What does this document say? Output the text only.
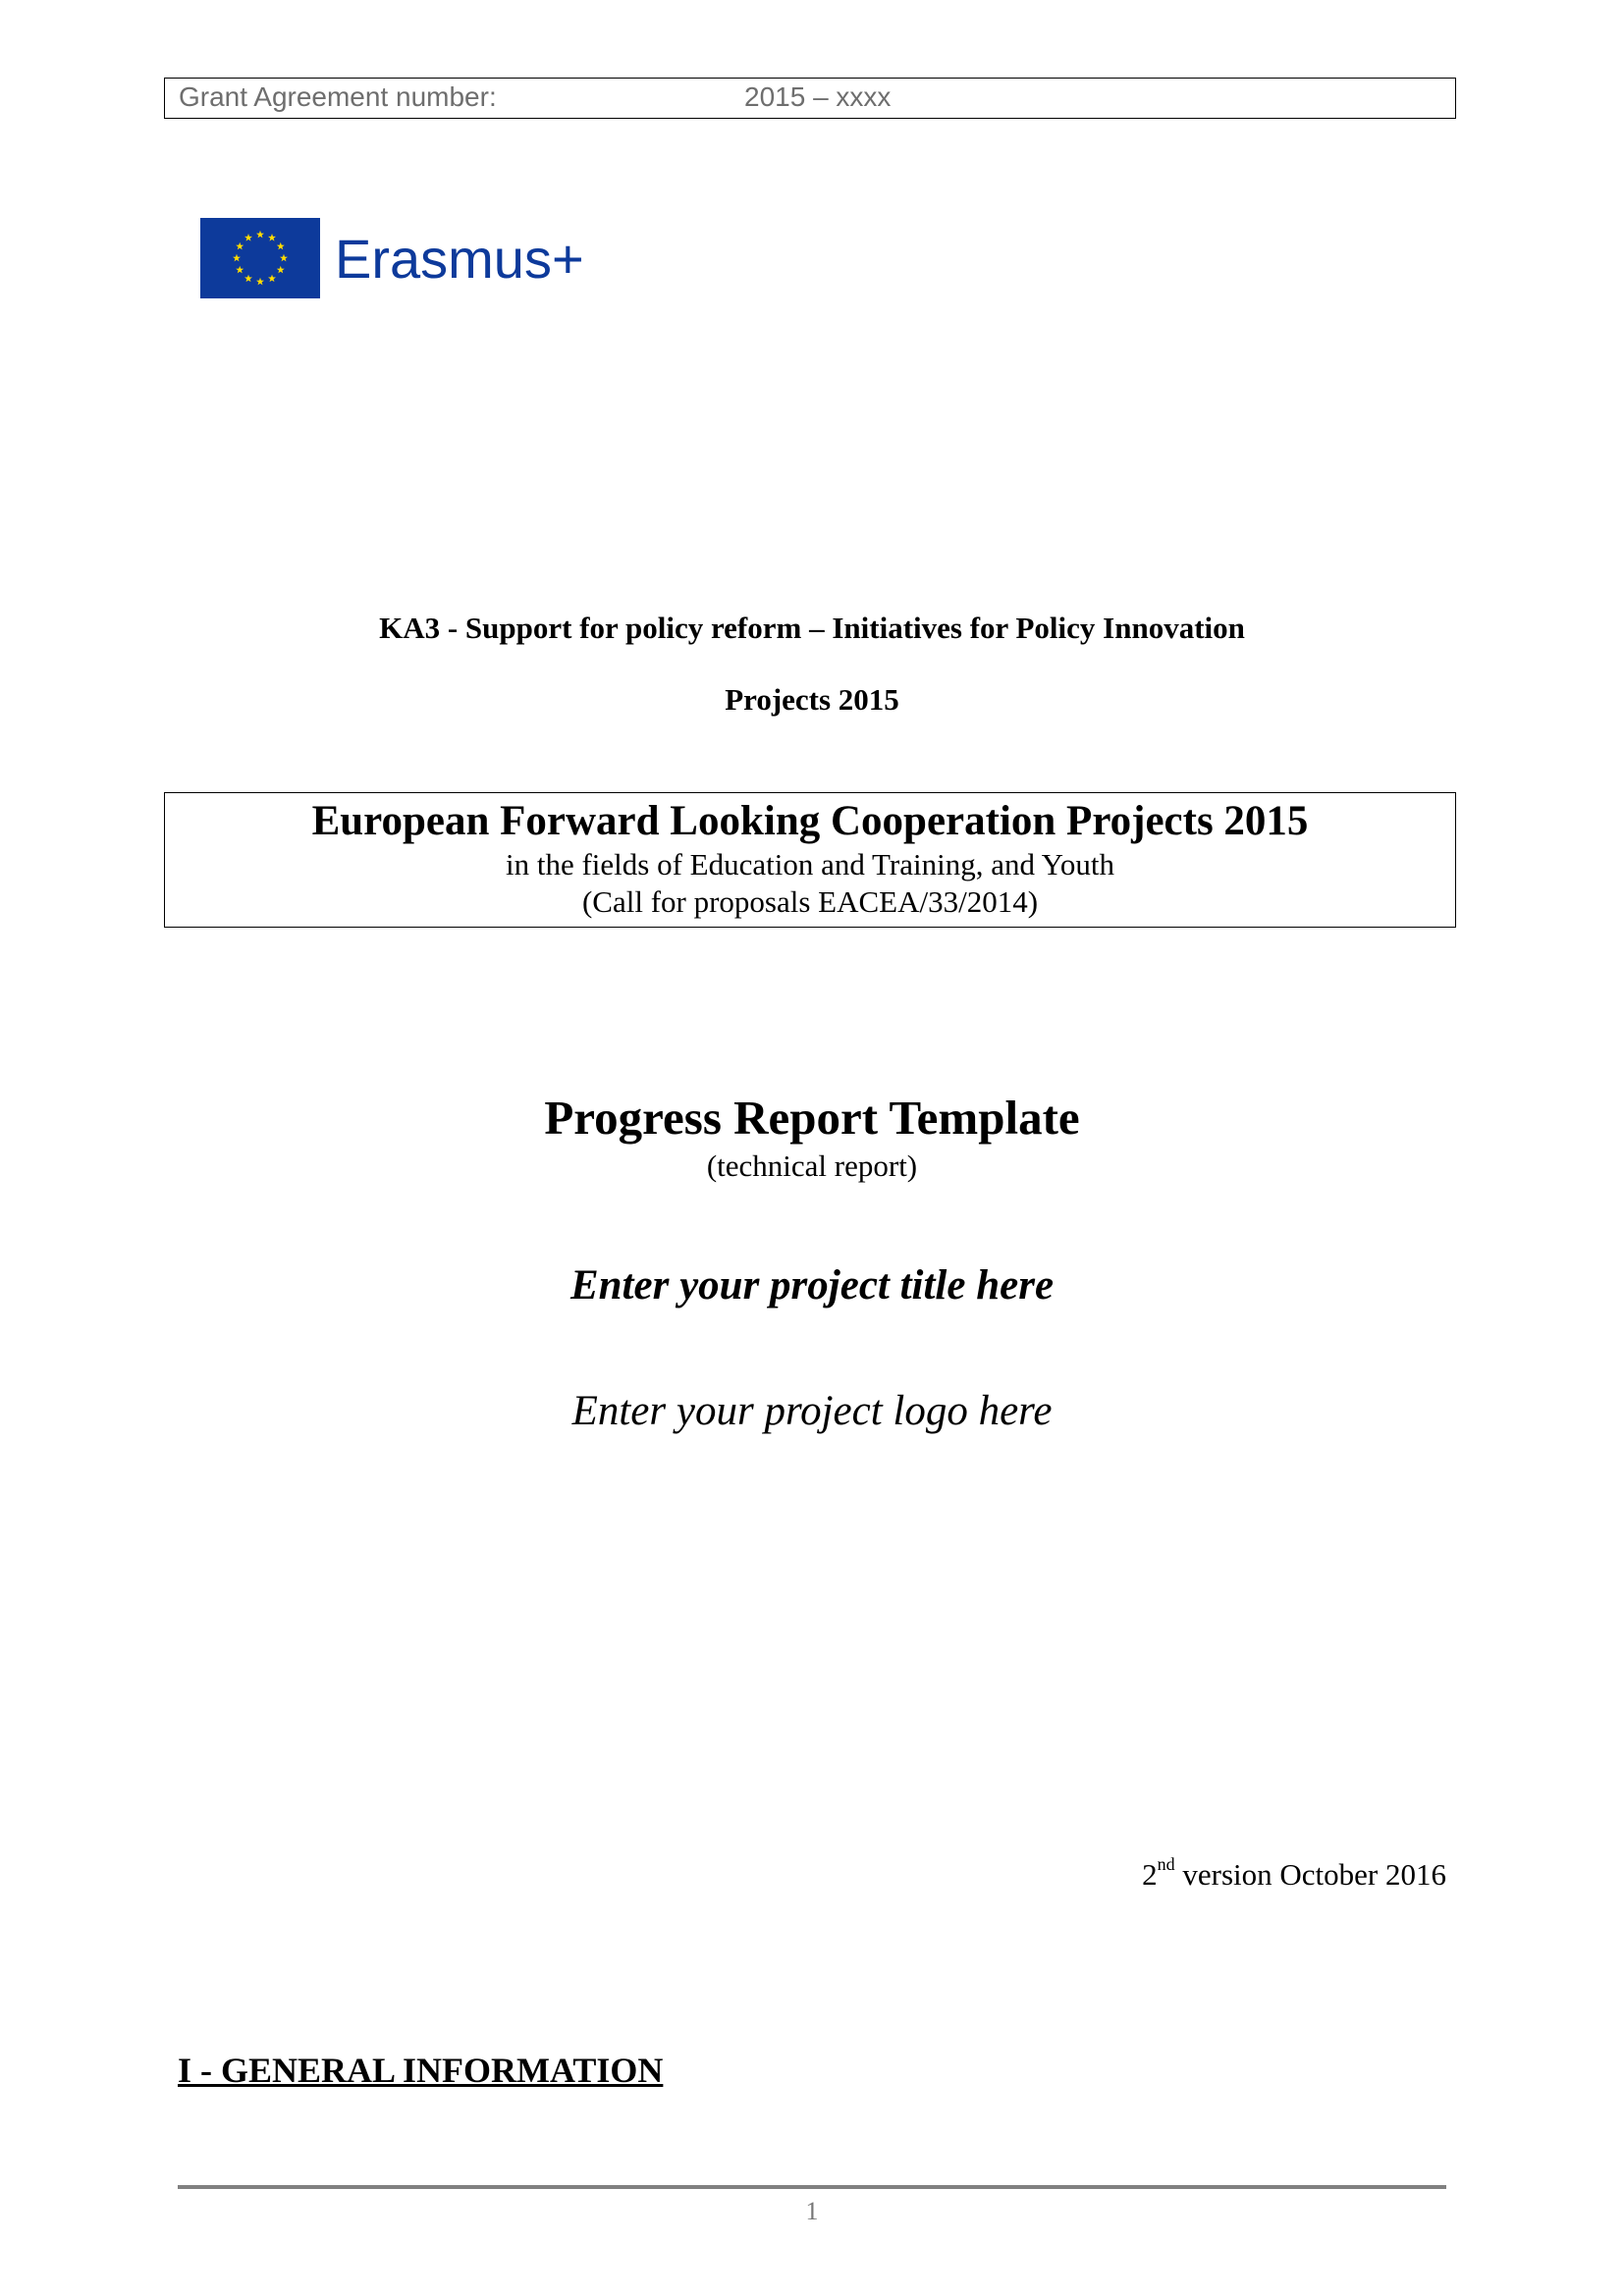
Grant Agreement number:	2015 – xxxx
Erasmus+
KA3 - Support for policy reform – Initiatives for Policy Innovation
Projects 2015
European Forward Looking Cooperation Projects 2015
in the fields of Education and Training, and Youth
(Call for proposals EACEA/33/2014)
Progress Report Template
(technical report)
Enter your project title here
Enter your project logo here
2nd version October 2016
I - GENERAL INFORMATION
1
